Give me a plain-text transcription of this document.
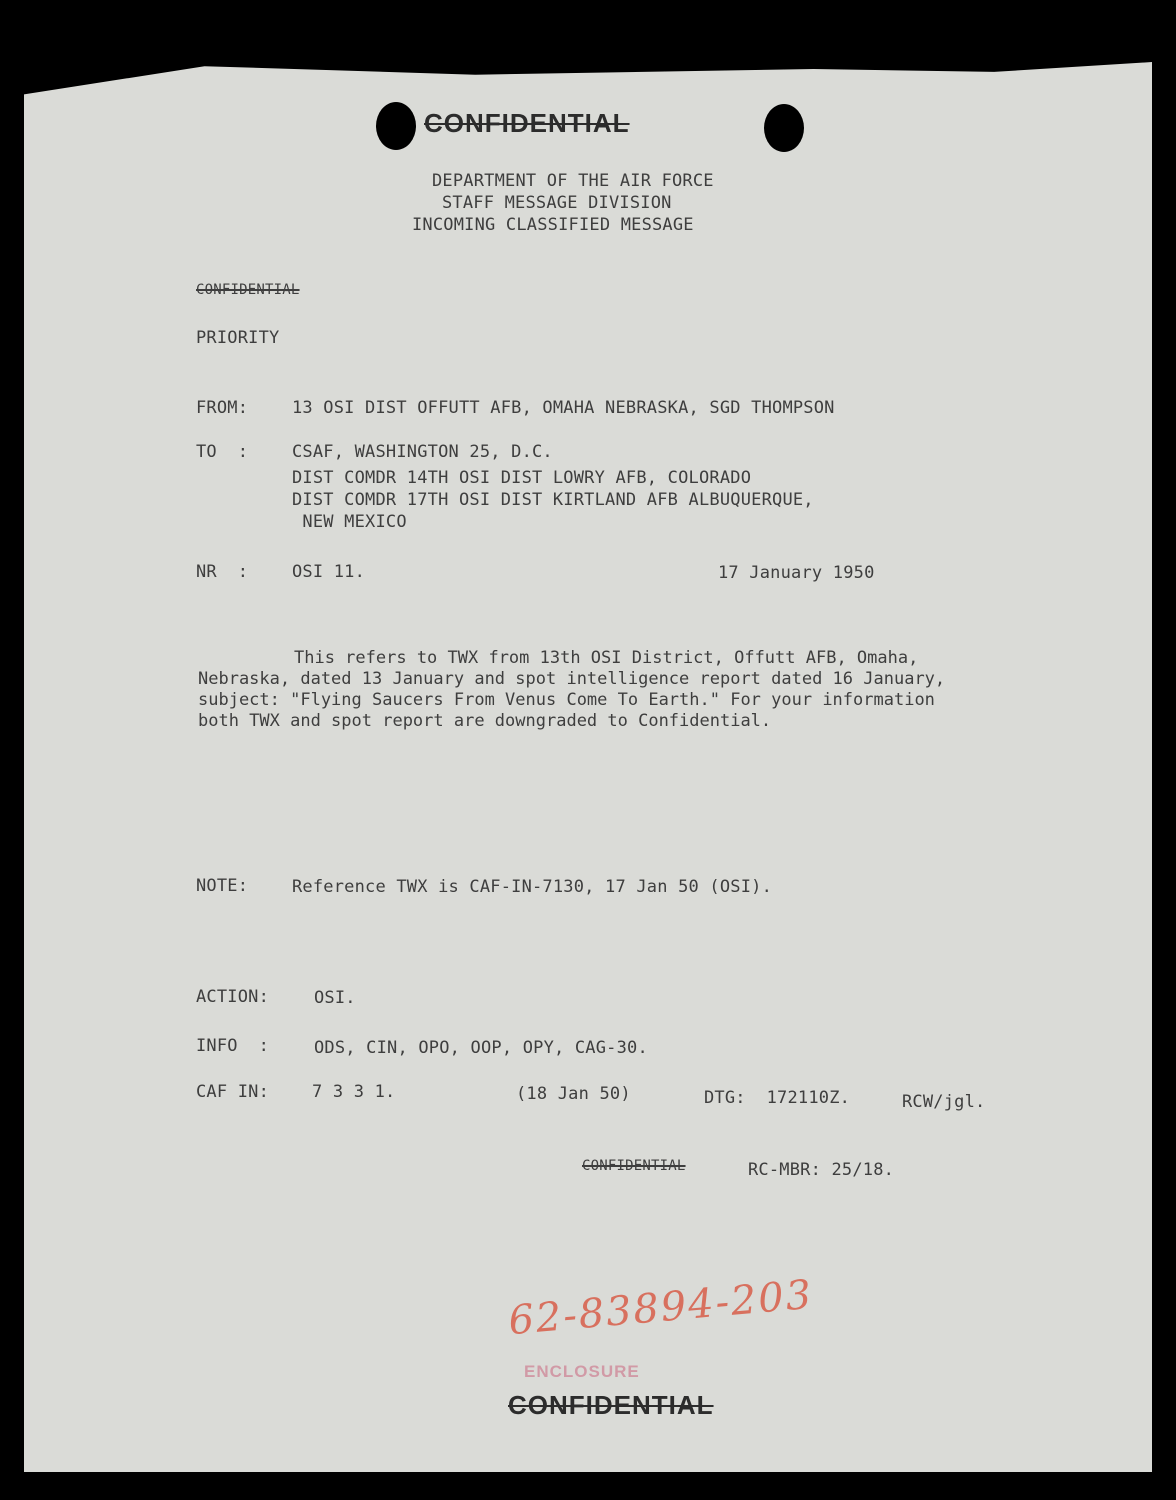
CONFIDENTIAL
DEPARTMENT OF THE AIR FORCE
STAFF MESSAGE DIVISION
INCOMING CLASSIFIED MESSAGE
CONFIDENTIAL
PRIORITY
FROM:	13 OSI DIST OFFUTT AFB, OMAHA NEBRASKA, SGD THOMPSON
TO  :	CSAF, WASHINGTON 25, D.C.
DIST COMDR 14TH OSI DIST LOWRY AFB, COLORADO
DIST COMDR 17TH OSI DIST KIRTLAND AFB ALBUQUERQUE,
NEW MEXICO
NR  :	OSI 11.	17 January 1950

This refers to TWX from 13th OSI District, Offutt AFB, Omaha, Nebraska, dated 13 January and spot intelligence report dated 16 January, subject: "Flying Saucers From Venus Come To Earth." For your information both TWX and spot report are downgraded to Confidential.

NOTE:	Reference TWX is CAF-IN-7130, 17 Jan 50 (OSI).
ACTION:	OSI.
INFO  :	ODS, CIN, OPO, OOP, OPY, CAG-30.
CAF IN:	7 3 3 1.	(18 Jan 50)	DTG:  172110Z.	RCW/jgl.
CONFIDENTIAL	RC-MBR: 25/18.
62-83894-203
ENCLOSURE
CONFIDENTIAL
